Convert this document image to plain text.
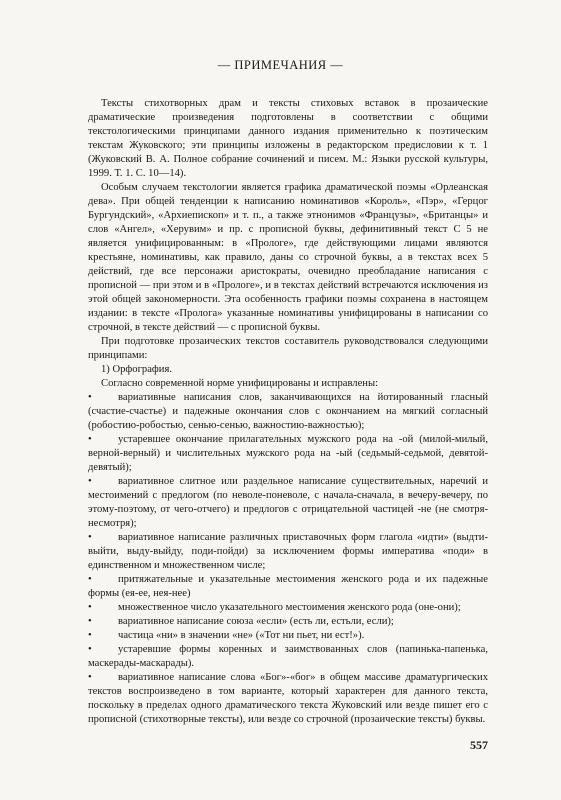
— ПРИМЕЧАНИЯ —

Тексты стихотворных драм и тексты стиховых вставок в прозаические драматические произведения подготовлены в соответствии с общими текстологическими принципами данного издания применительно к поэтическим текстам Жуковского; эти принципы изложены в редакторском предисловии к т. 1 (Жуковский В. А. Полное собрание сочинений и писем. М.: Языки русской культуры, 1999. Т. 1. С. 10—14).

Особым случаем текстологии является графика драматической поэмы «Орлеанская дева». При общей тенденции к написанию номинативов «Король», «Пэр», «Герцог Бургундский», «Архиепископ» и т. п., а также этнонимов «Французы», «Британцы» и слов «Ангел», «Херувим» и пр. с прописной буквы, дефинитивный текст С 5 не является унифицированным: в «Прологе», где действующими лицами являются крестьяне, номинативы, как правило, даны со строчной буквы, а в текстах всех 5 действий, где все персонажи аристократы, очевидно преобладание написания с прописной — при этом и в «Прологе», и в текстах действий встречаются исключения из этой общей закономерности. Эта особенность графики поэмы сохранена в настоящем издании: в тексте «Пролога» указанные номинативы унифицированы в написании со строчной, в тексте действий — с прописной буквы.

При подготовке прозаических текстов составитель руководствовался следующими принципами:

1) Орфография.

Согласно современной норме унифицированы и исправлены:

• вариативные написания слов, заканчивающихся на йотированный гласный (счастие-счастье) и падежные окончания слов с окончанием на мягкий согласный (робостию-робостью, сенью-сенью, важностию-важностью);

• устаревшее окончание прилагательных мужского рода на -ой (милой-милый, верной-верный) и числительных мужского рода на -ый (седьмый-седьмой, девятой-девятый);

• вариативное слитное или раздельное написание существительных, наречий и местоимений с предлогом (по неволе-поневоле, с начала-сначала, в вечеру-вечеру, по этому-поэтому, от чего-отчего) и предлогов с отрицательной частицей -не (не смотря-несмотря);

• вариативное написание различных приставочных форм глагола «идти» (выдти-выйти, выду-выйду, поди-пойди) за исключением формы императива «поди» в единственном и множественном числе;

• притяжательные и указательные местоимения женского рода и их падежные формы (ея-ее, нея-нее)

• множественное число указательного местоимения женского рода (оне-они);

• вариативное написание союза «если» (есть ли, естьли, если);

• частица «ни» в значении «не» («Тот ни пьет, ни ест!»).

• устаревшие формы коренных и заимствованных слов (папинька-папенька, маскерады-маскарады).

• вариативное написание слова «Бог»-«бог» в общем массиве драматургических текстов воспроизведено в том варианте, который характерен для данного текста, поскольку в пределах одного драматического текста Жуковский или везде пишет его с прописной (стихотворные тексты), или везде со строчной (прозаические тексты) буквы.

557
